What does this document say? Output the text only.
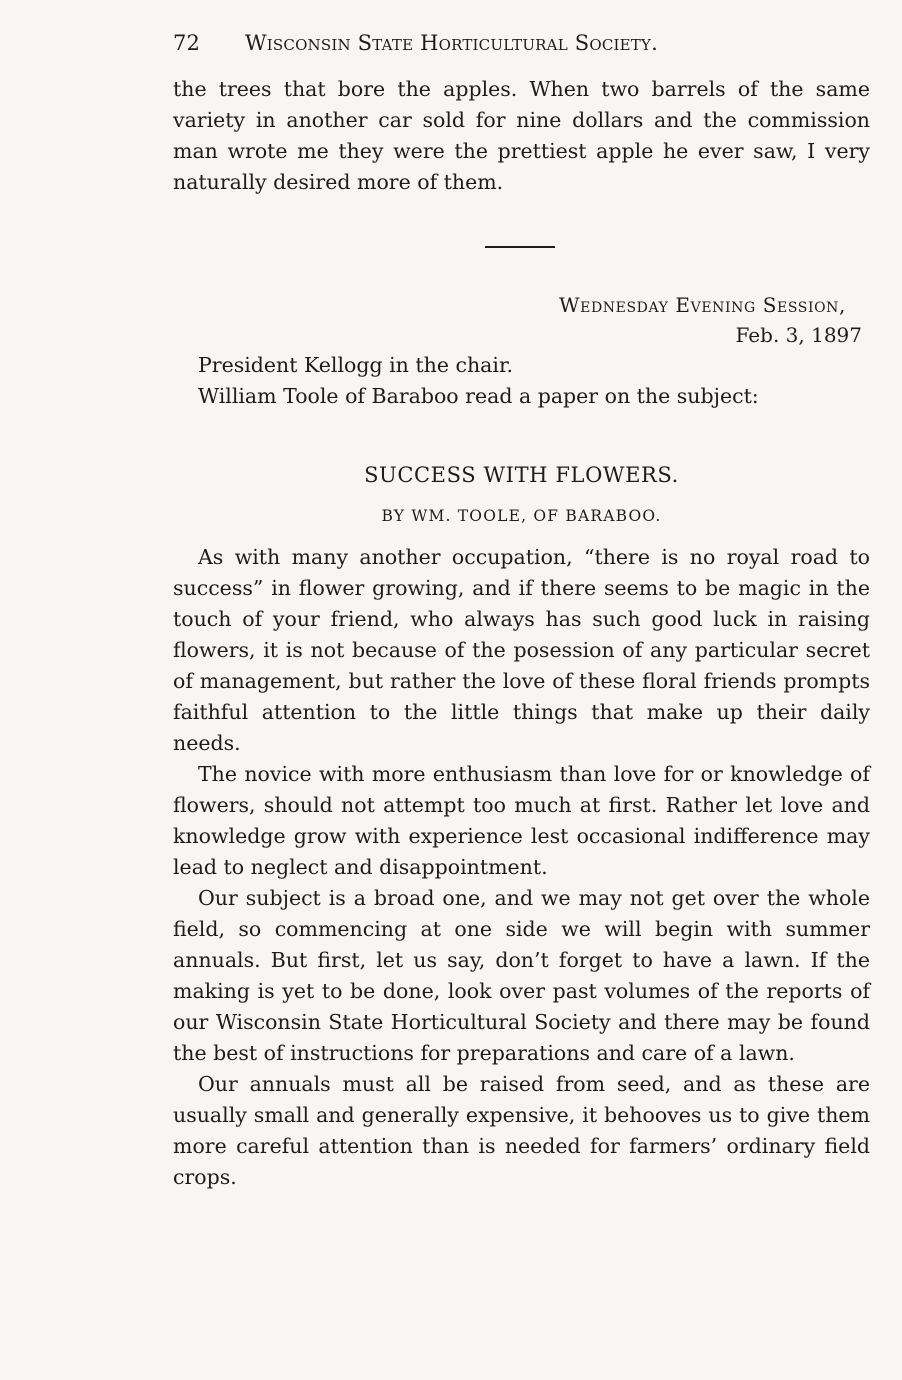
72 Wisconsin State Horticultural Society.

the trees that bore the apples. When two barrels of the same variety in another car sold for nine dollars and the commission man wrote me they were the prettiest apple he ever saw, I very naturally desired more of them.

Wednesday Evening Session,
Feb. 3, 1897
President Kellogg in the chair.

William Toole of Baraboo read a paper on the subject:

SUCCESS WITH FLOWERS.
BY WM. TOOLE, OF BARABOO.

As with many another occupation, “there is no royal road to success” in flower growing, and if there seems to be magic in the touch of your friend, who always has such good luck in raising flowers, it is not because of the posession of any particular secret of management, but rather the love of these floral friends prompts faithful attention to the little things that make up their daily needs.

The novice with more enthusiasm than love for or knowledge of flowers, should not attempt too much at first. Rather let love and knowledge grow with experience lest occasional indifference may lead to neglect and disappointment.

Our subject is a broad one, and we may not get over the whole field, so commencing at one side we will begin with summer annuals. But first, let us say, don’t forget to have a lawn. If the making is yet to be done, look over past volumes of the reports of our Wisconsin State Horticultural Society and there may be found the best of instructions for preparations and care of a lawn.

Our annuals must all be raised from seed, and as these are usually small and generally expensive, it behooves us to give them more careful attention than is needed for farmers’ ordinary field crops.
